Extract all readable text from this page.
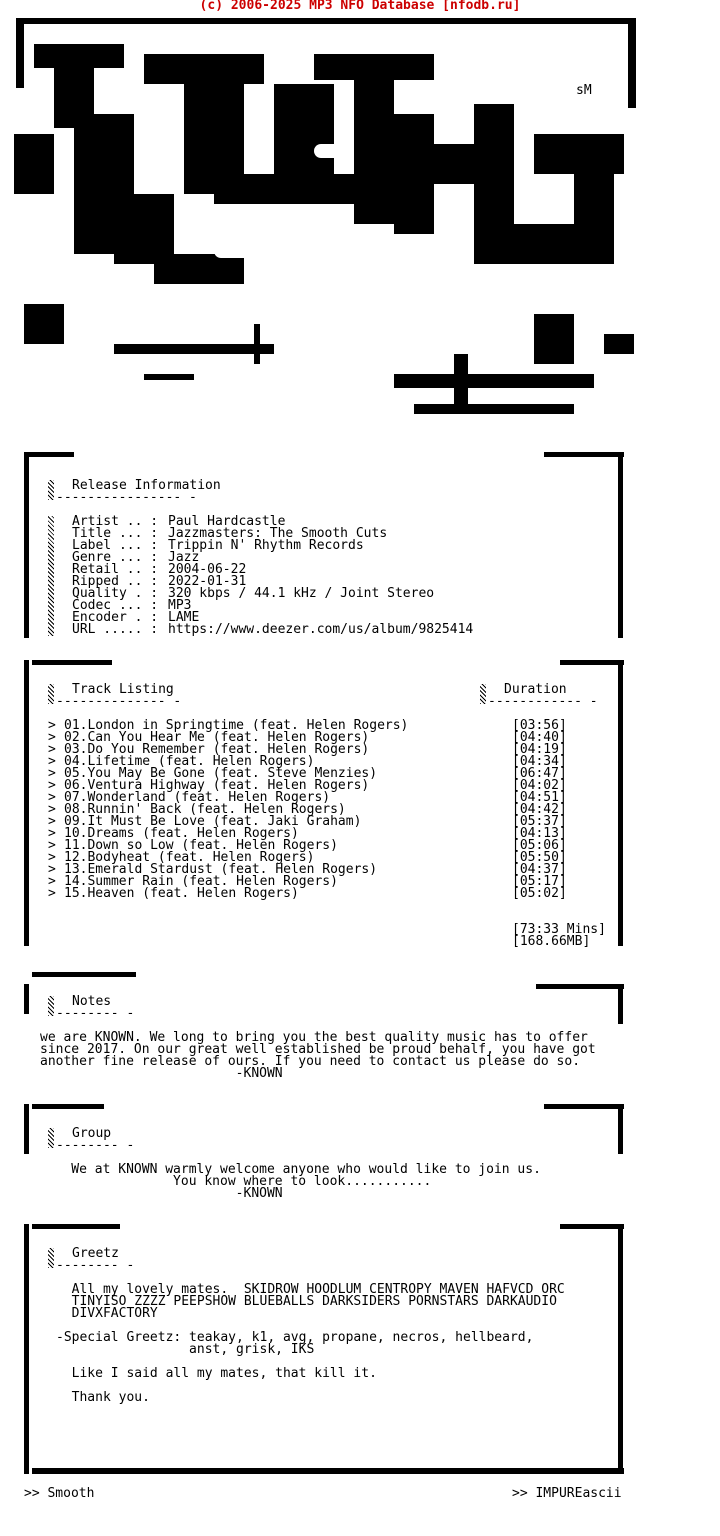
(c) 2006-2025 MP3 NFO Database [nfodb.ru]
sM
Release Information
---------------- -
Artist .. : Paul Hardcastle
Title ... : Jazzmasters: The Smooth Cuts
Label ... : Trippin N' Rhythm Records
Genre ... : Jazz
Retail .. : 2004-06-22
Ripped .. : 2022-01-31
Quality . : 320 kbps / 44.1 kHz / Joint Stereo
Codec ... : MP3
Encoder . : LAME
URL ..... : https://www.deezer.com/us/album/9825414
Track Listing
-------------- -
Duration
------------ -
> 01.London in Springtime (feat. Helen Rogers)	[03:56]
> 02.Can You Hear Me (feat. Helen Rogers)	[04:40]
> 03.Do You Remember (feat. Helen Rogers)	[04:19]
> 04.Lifetime (feat. Helen Rogers)	[04:34]
> 05.You May Be Gone (feat. Steve Menzies)	[06:47]
> 06.Ventura Highway (feat. Helen Rogers)	[04:02]
> 07.Wonderland (feat. Helen Rogers)	[04:51]
> 08.Runnin' Back (feat. Helen Rogers)	[04:42]
> 09.It Must Be Love (feat. Jaki Graham)	[05:37]
> 10.Dreams (feat. Helen Rogers)	[04:13]
> 11.Down so Low (feat. Helen Rogers)	[05:06]
> 12.Bodyheat (feat. Helen Rogers)	[05:50]
> 13.Emerald Stardust (feat. Helen Rogers)	[04:37]
> 14.Summer Rain (feat. Helen Rogers)	[05:17]
> 15.Heaven (feat. Helen Rogers)	[05:02]
[73:33 Mins]
[168.66MB]
Notes
-------- -
we are KNOWN. We long to bring you the best quality music has to offer
since 2017. On our great well established be proud behalf, you have got
another fine release of ours. If you need to contact us please do so.
-KNOWN
Group
-------- -
We at KNOWN warmly welcome anyone who would like to join us.
You know where to look...........
-KNOWN
Greetz
-------- -
All my lovely mates.  SKIDROW HOODLUM CENTROPY MAVEN HAFVCD ORC
TINYISO ZZZZ PEEPSHOW BLUEBALLS DARKSIDERS PORNSTARS DARKAUDIO
DIVXFACTORY
-Special Greetz: teakay, k1, avg, propane, necros, hellbeard,
anst, grisk, IKS
Like I said all my mates, that kill it.
Thank you.
>> Smooth	>> IMPUREascii
